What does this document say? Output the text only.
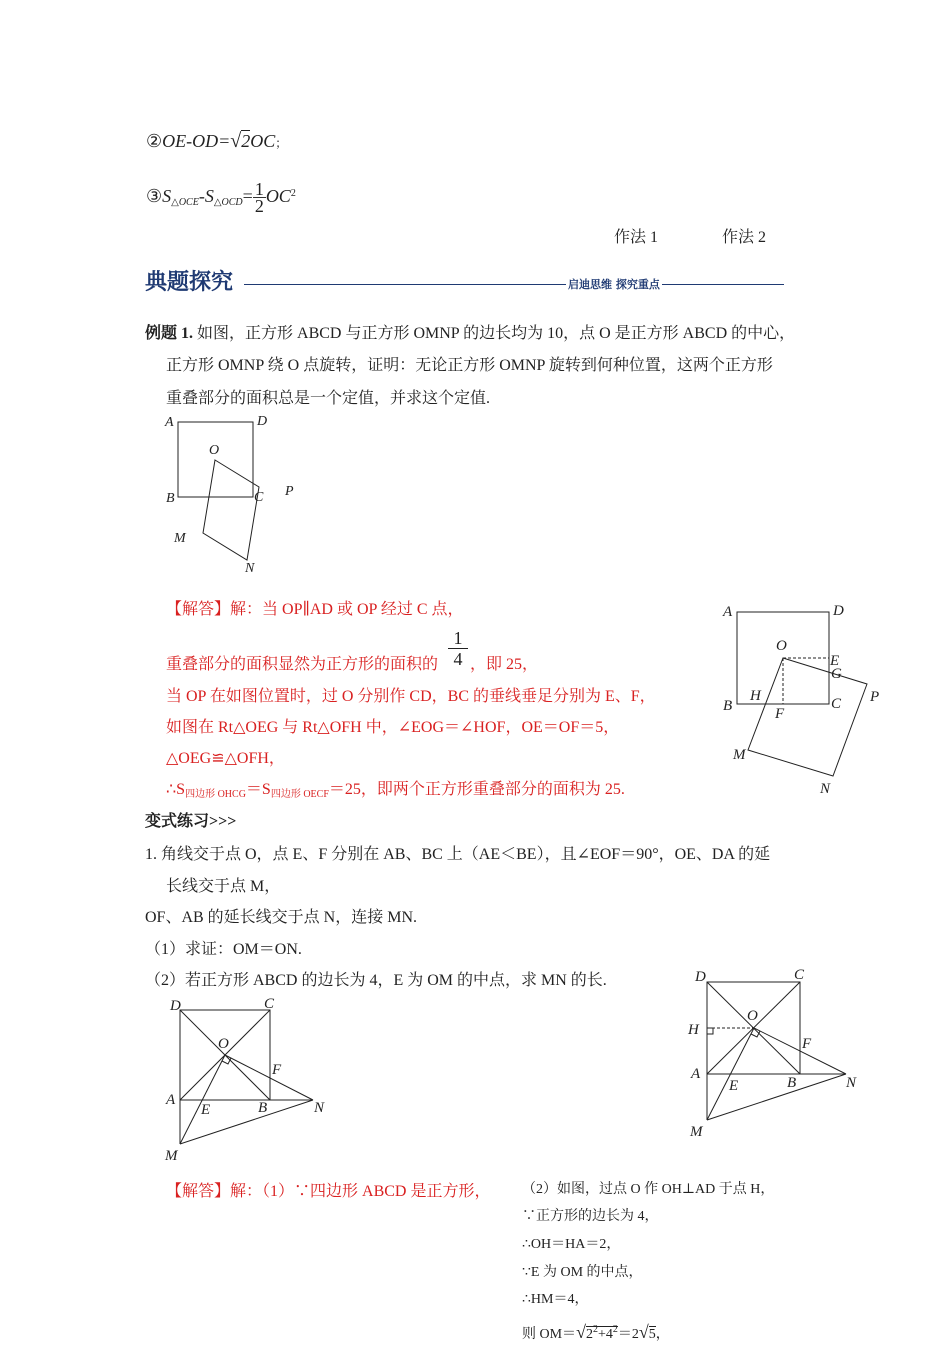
②OE-OD=√2OC；
$③S_{\triangle OCE}-S_{\triangle OCD}= \frac{1}{2} OC^2$
作法 1	作法 2
典题探究	启迪思维 探究重点
例题 1. 如图，正方形 ABCD 与正方形 OMNP 的边长均为 10，点 O 是正方形 ABCD 的中心，
正方形 OMNP 绕 O 点旋转，证明：无论正方形 OMNP 旋转到何种位置，这两个正方形
重叠部分的面积总是一个定值，并求这个定值.
A	D
O
B	C P
M
N
【解答】解：当 OP∥AD 或 OP 经过 C 点，
$\frac{1}{4}$
重叠部分的面积显然为正方形的面积的 ，即 25，
当 OP 在如图位置时，过 O 分别作 CD，BC 的垂线垂足分别为 E、F，
如图在 Rt△OEG 与 Rt△OFH 中，∠EOG＝∠HOF，OE＝OF＝5，
△OEG≌△OFH，
$\therefore S_{四边形 OHCG}=S_{四边形 OECF}=25$，即两个正方形重叠部分的面积为 25.
A	D
O
E
G
H
B	C
F
P
M
N
变式练习>>>
1. 角线交于点 O，点 E、F 分别在 AB、BC 上（AE＜BE），且∠EOF＝90°，OE、DA 的延
长线交于点 M，
OF、AB 的延长线交于点 N，连接 MN.
（1）求证：OM＝ON.
（2）若正方形 ABCD 的边长为 4，E 为 OM 的中点，求 MN 的长.
D	C
O
F
A
E	B	N
M
D	C
O
H
F
A
E	B	N
M
【解答】解：（1）∵四边形 ABCD 是正方形， （2）如图，过点 O 作 OH⊥AD 于点 H，
∵正方形的边长为 4，
∴OH＝HA＝2，
∵E 为 OM 的中点，
∴HM＝4，
则 $OM=√2^2+4^2=2√5$，
